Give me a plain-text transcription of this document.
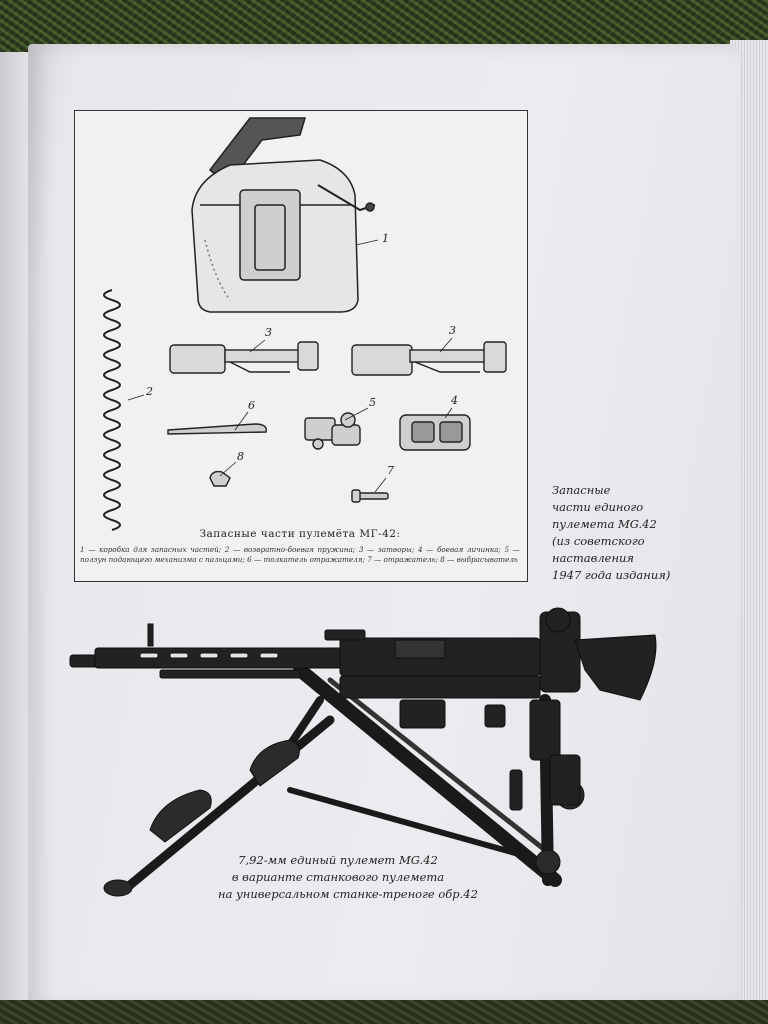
1
2
3	3
4
5
6
7
8
Запасные части пулемёта МГ-42:
1 — коробка для запасных частей; 2 — возвратно-боевая пружина; 3 — затворы; 4 — боевая личинка; 5 — ползун подающего механизма с пальцами; 6 — толкатель отражателя; 7 — отражатель; 8 — выбрасыватель
Запасные
части единого
пулемета MG.42
(из советского
наставления
1947 года издания)
7,92-мм единый пулемет MG.42
в варианте станкового пулемета
на универсальном станке-треноге обр.42
